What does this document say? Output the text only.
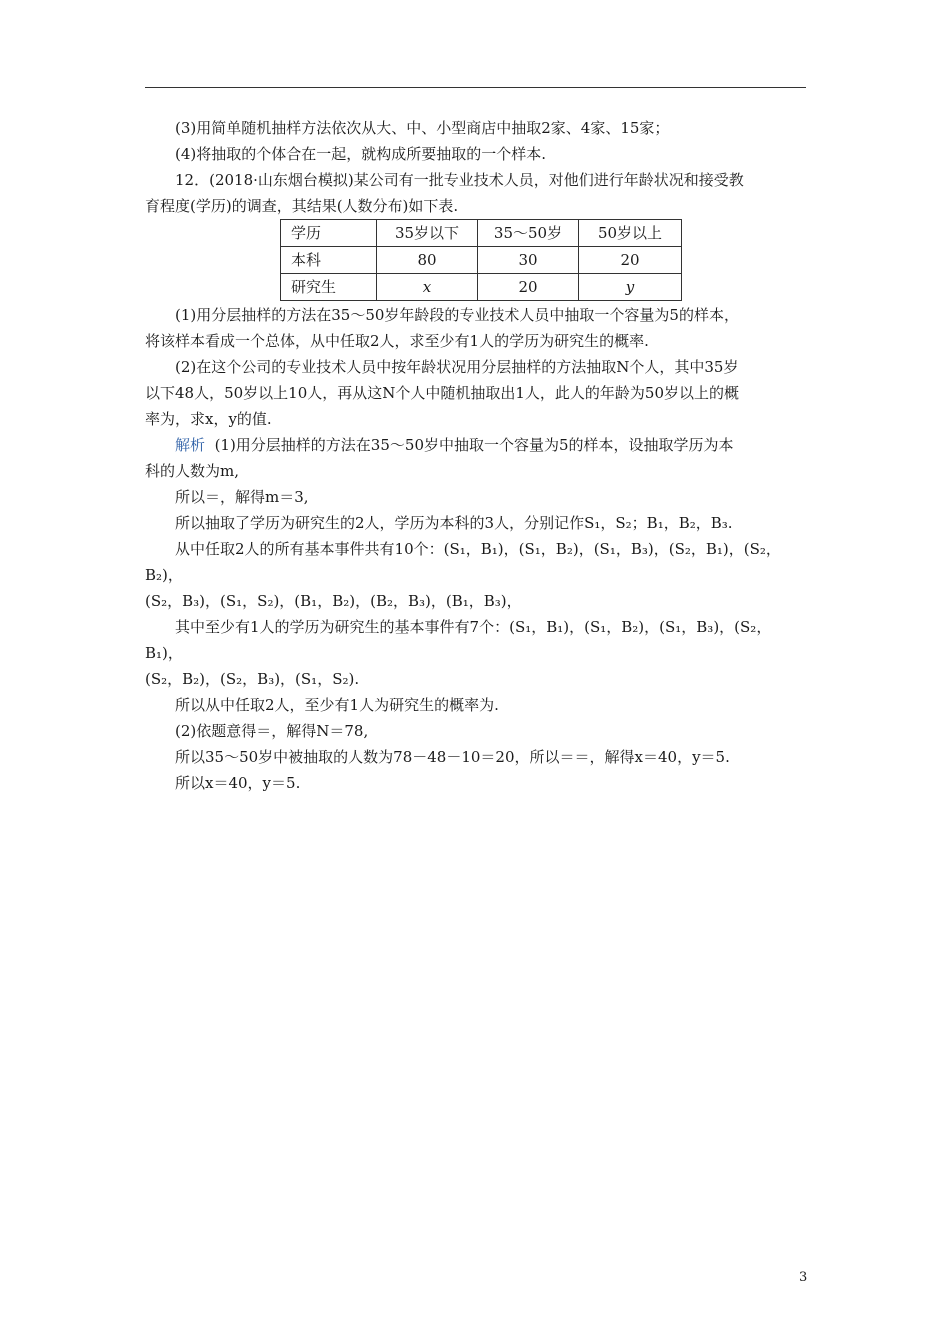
(3)用简单随机抽样方法依次从大、中、小型商店中抽取2家、4家、15家；

(4)将抽取的个体合在一起，就构成所要抽取的一个样本.

12．(2018·山东烟台模拟)某公司有一批专业技术人员，对他们进行年龄状况和接受教

育程度(学历)的调查，其结果(人数分布)如下表.

学历	35岁以下	35～50岁	50岁以上
本科	80	30	20
研究生	x	20	y

(1)用分层抽样的方法在35～50岁年龄段的专业技术人员中抽取一个容量为5的样本，

将该样本看成一个总体，从中任取2人，求至少有1人的学历为研究生的概率.

(2)在这个公司的专业技术人员中按年龄状况用分层抽样的方法抽取N个人，其中35岁

以下48人，50岁以上10人，再从这N个人中随机抽取出1人，此人的年龄为50岁以上的概

率为，求x，y的值.

解析 (1)用分层抽样的方法在35～50岁中抽取一个容量为5的样本，设抽取学历为本

科的人数为m,

所以＝，解得m＝3,

所以抽取了学历为研究生的2人，学历为本科的3人，分别记作S₁，S₂；B₁，B₂，B₃.

从中任取2人的所有基本事件共有10个：(S₁，B₁)，(S₁，B₂)，(S₁，B₃)，(S₂，B₁)，(S₂，B₂)，

(S₂，B₃)，(S₁，S₂)，(B₁，B₂)，(B₂，B₃)，(B₁，B₃)，

其中至少有1人的学历为研究生的基本事件有7个：(S₁，B₁)，(S₁，B₂)，(S₁，B₃)，(S₂，B₁)，

(S₂，B₂)，(S₂，B₃)，(S₁，S₂).

所以从中任取2人，至少有1人为研究生的概率为.

(2)依题意得＝，解得N＝78,

所以35～50岁中被抽取的人数为78－48－10＝20，所以＝＝，解得x＝40，y＝5.

所以x＝40，y＝5.

3
